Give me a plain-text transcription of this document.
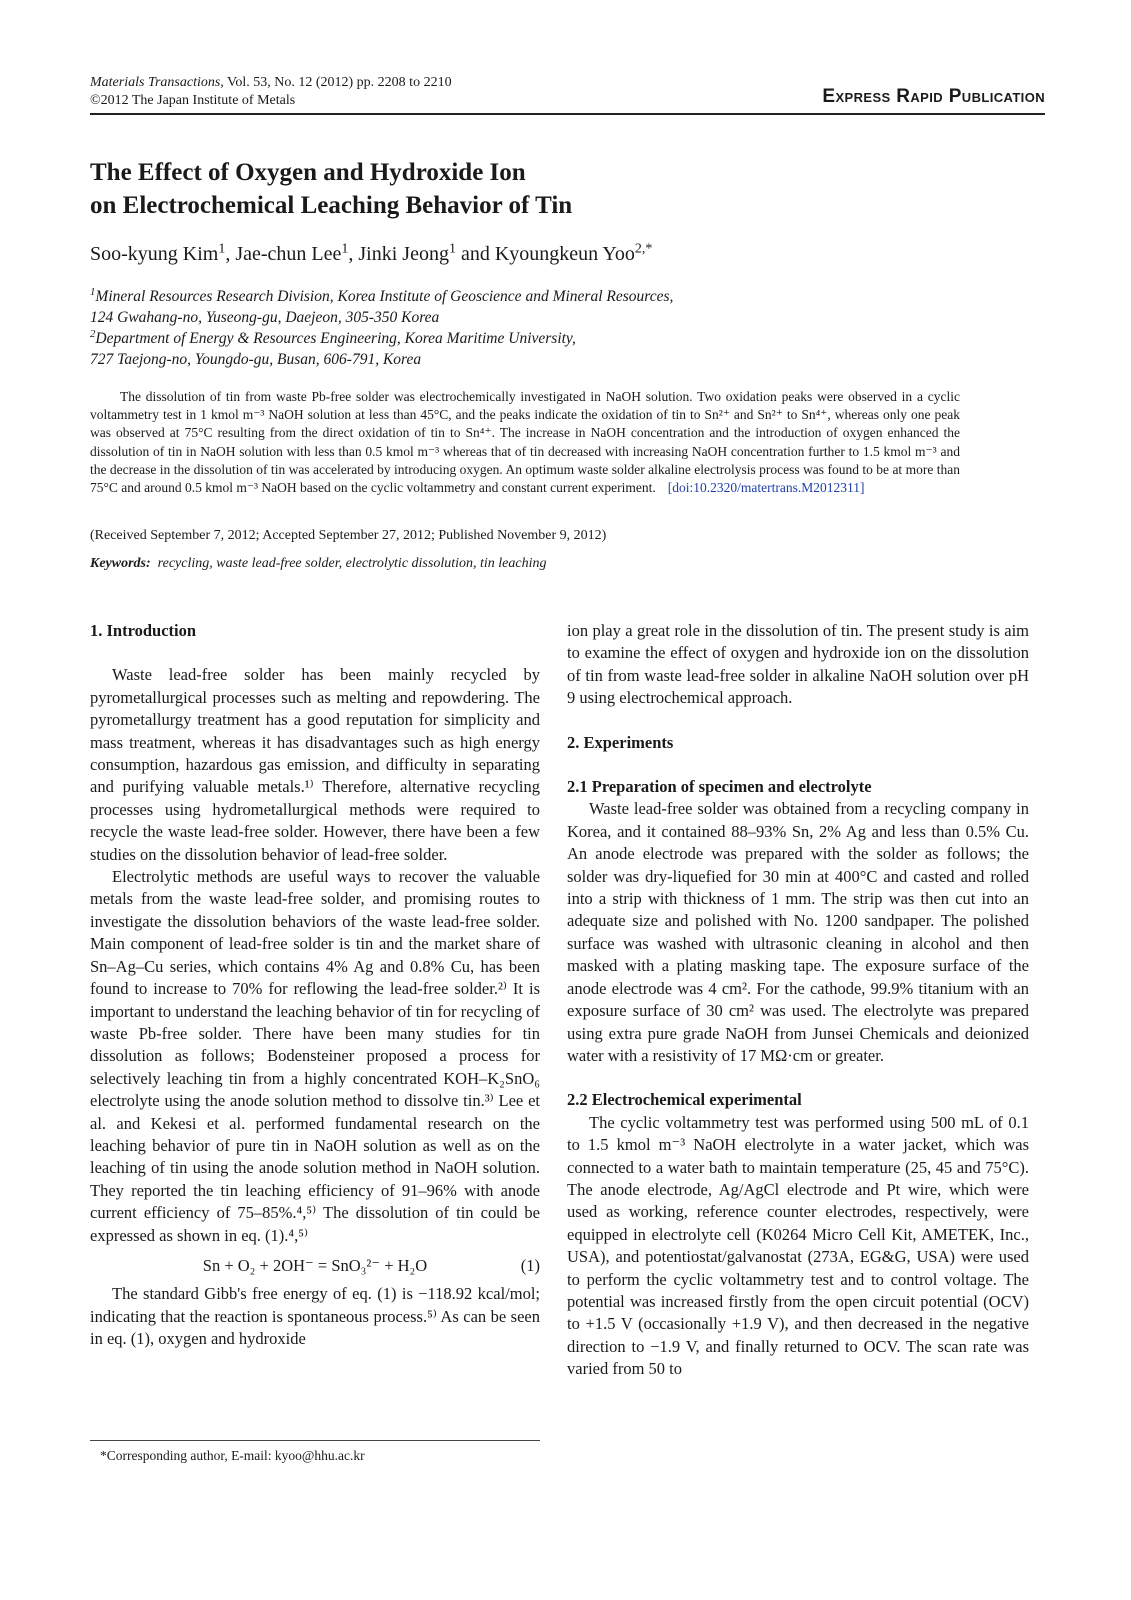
Materials Transactions, Vol. 53, No. 12 (2012) pp. 2208 to 2210
©2012 The Japan Institute of Metals	Express Rapid Publication
The Effect of Oxygen and Hydroxide Ion
on Electrochemical Leaching Behavior of Tin
Soo-kyung Kim$^1$, Jae-chun Lee$^1$, Jinki Jeong$^1$ and Kyoungkeun Yoo$^{2,*}$
$^1$Mineral Resources Research Division, Korea Institute of Geoscience and Mineral Resources,
124 Gwahang-no, Yuseong-gu, Daejeon, 305-350 Korea
$^2$Department of Energy & Resources Engineering, Korea Maritime University,
727 Taejong-no, Youngdo-gu, Busan, 606-791, Korea
The dissolution of tin from waste Pb-free solder was electrochemically investigated in NaOH solution. Two oxidation peaks were observed in a cyclic voltammetry test in 1 kmol m⁻³ NaOH solution at less than 45°C, and the peaks indicate the oxidation of tin to Sn²⁺ and Sn²⁺ to Sn⁴⁺, whereas only one peak was observed at 75°C resulting from the direct oxidation of tin to Sn⁴⁺. The increase in NaOH concentration and the introduction of oxygen enhanced the dissolution of tin in NaOH solution with less than 0.5 kmol m⁻³ whereas that of tin decreased with increasing NaOH concentration further to 1.5 kmol m⁻³ and the decrease in the dissolution of tin was accelerated by introducing oxygen. An optimum waste solder alkaline electrolysis process was found to be at more than 75°C and around 0.5 kmol m⁻³ NaOH based on the cyclic voltammetry and constant current experiment. [doi:10.2320/matertrans.M2012311]
(Received September 7, 2012; Accepted September 27, 2012; Published November 9, 2012)
Keywords: recycling, waste lead-free solder, electrolytic dissolution, tin leaching

1. Introduction

Waste lead-free solder has been mainly recycled by pyrometallurgical processes such as melting and repowdering. The pyrometallurgy treatment has a good reputation for simplicity and mass treatment, whereas it has disadvantages such as high energy consumption, hazardous gas emission, and difficulty in separating and purifying valuable metals.¹⁾ Therefore, alternative recycling processes using hydrometallurgical methods were required to recycle the waste lead-free solder. However, there have been a few studies on the dissolution behavior of lead-free solder.

Electrolytic methods are useful ways to recover the valuable metals from the waste lead-free solder, and promising routes to investigate the dissolution behaviors of the waste lead-free solder. Main component of lead-free solder is tin and the market share of Sn–Ag–Cu series, which contains 4% Ag and 0.8% Cu, has been found to increase to 70% for reflowing the lead-free solder.²⁾ It is important to understand the leaching behavior of tin for recycling of waste Pb-free solder. There have been many studies for tin dissolution as follows; Bodensteiner proposed a process for selectively leaching tin from a highly concentrated KOH–K₂SnO₆ electrolyte using the anode solution method to dissolve tin.³⁾ Lee et al. and Kekesi et al. performed fundamental research on the leaching behavior of pure tin in NaOH solution as well as on the leaching of tin using the anode solution method in NaOH solution. They reported the tin leaching efficiency of 91–96% with anode current efficiency of 75–85%.⁴,⁵⁾ The dissolution of tin could be expressed as shown in eq. (1).⁴,⁵⁾

Sn + O₂ + 2OH⁻ = SnO₃²⁻ + H₂O	(1)

The standard Gibb's free energy of eq. (1) is −118.92 kcal/mol; indicating that the reaction is spontaneous process.⁵⁾ As can be seen in eq. (1), oxygen and hydroxide

ion play a great role in the dissolution of tin. The present study is aim to examine the effect of oxygen and hydroxide ion on the dissolution of tin from waste lead-free solder in alkaline NaOH solution over pH 9 using electrochemical approach.

2. Experiments

2.1 Preparation of specimen and electrolyte

Waste lead-free solder was obtained from a recycling company in Korea, and it contained 88–93% Sn, 2% Ag and less than 0.5% Cu. An anode electrode was prepared with the solder as follows; the solder was dry-liquefied for 30 min at 400°C and casted and rolled into a strip with thickness of 1 mm. The strip was then cut into an adequate size and polished with No. 1200 sandpaper. The polished surface was washed with ultrasonic cleaning in alcohol and then masked with a plating masking tape. The exposure surface of the anode electrode was 4 cm². For the cathode, 99.9% titanium with an exposure surface of 30 cm² was used. The electrolyte was prepared using extra pure grade NaOH from Junsei Chemicals and deionized water with a resistivity of 17 MΩ·cm or greater.

2.2 Electrochemical experimental

The cyclic voltammetry test was performed using 500 mL of 0.1 to 1.5 kmol m⁻³ NaOH electrolyte in a water jacket, which was connected to a water bath to maintain temperature (25, 45 and 75°C). The anode electrode, Ag/AgCl electrode and Pt wire, which were used as working, reference counter electrodes, respectively, were equipped in electrolyte cell (K0264 Micro Cell Kit, AMETEK, Inc., USA), and potentiostat/galvanostat (273A, EG&G, USA) were used to perform the cyclic voltammetry test and to control voltage. The potential was increased firstly from the open circuit potential (OCV) to +1.5 V (occasionally +1.9 V), and then decreased in the negative direction to −1.9 V, and finally returned to OCV. The scan rate was varied from 50 to

*Corresponding author, E-mail: kyoo@hhu.ac.kr
